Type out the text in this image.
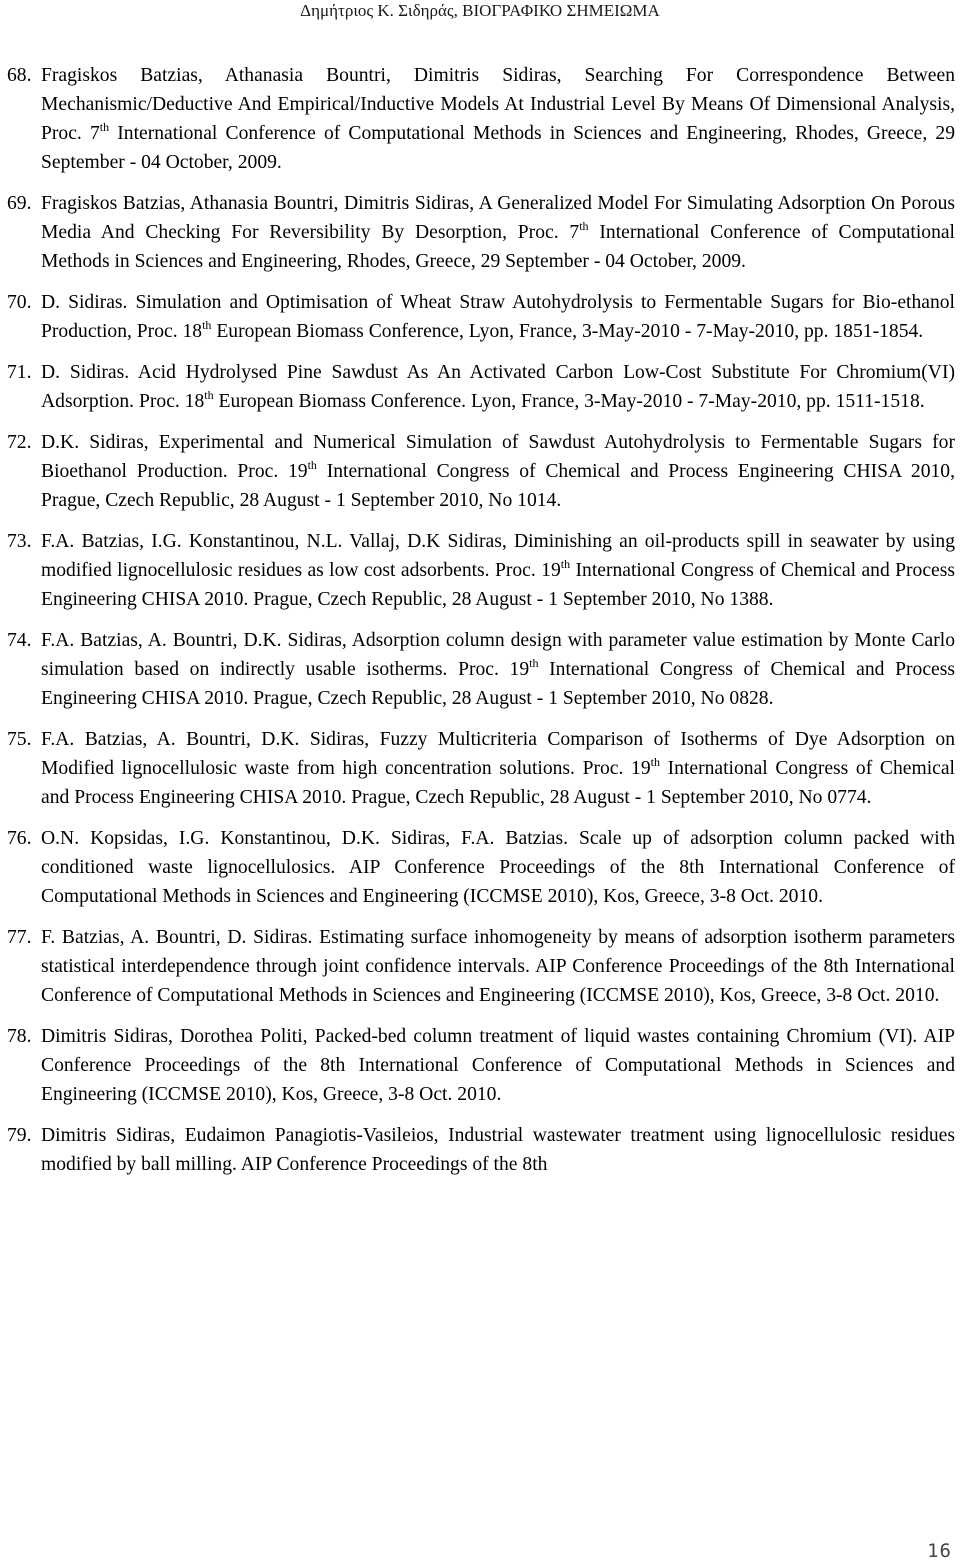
Δημήτριος Κ. Σιδηράς, ΒΙΟΓΡΑΦΙΚΟ ΣΗΜΕΙΩΜΑ
68. Fragiskos Batzias, Athanasia Bountri, Dimitris Sidiras, Searching For Correspondence Between Mechanismic/Deductive And Empirical/Inductive Models At Industrial Level By Means Of Dimensional Analysis, Proc. 7th International Conference of Computational Methods in Sciences and Engineering, Rhodes, Greece, 29 September - 04 October, 2009.
69. Fragiskos Batzias, Athanasia Bountri, Dimitris Sidiras, A Generalized Model For Simulating Adsorption On Porous Media And Checking For Reversibility By Desorption, Proc. 7th International Conference of Computational Methods in Sciences and Engineering, Rhodes, Greece, 29 September - 04 October, 2009.
70. D. Sidiras. Simulation and Optimisation of Wheat Straw Autohydrolysis to Fermentable Sugars for Bio-ethanol Production, Proc. 18th European Biomass Conference, Lyon, France, 3-May-2010 - 7-May-2010, pp. 1851-1854.
71. D. Sidiras. Acid Hydrolysed Pine Sawdust As An Activated Carbon Low-Cost Substitute For Chromium(VI) Adsorption. Proc. 18th European Biomass Conference. Lyon, France, 3-May-2010 - 7-May-2010, pp. 1511-1518.
72. D.K. Sidiras, Experimental and Numerical Simulation of Sawdust Autohydrolysis to Fermentable Sugars for Bioethanol Production. Proc. 19th International Congress of Chemical and Process Engineering CHISA 2010, Prague, Czech Republic, 28 August - 1 September 2010, No 1014.
73. F.A. Batzias, I.G. Konstantinou, N.L. Vallaj, D.K Sidiras, Diminishing an oil-products spill in seawater by using modified lignocellulosic residues as low cost adsorbents. Proc. 19th International Congress of Chemical and Process Engineering CHISA 2010. Prague, Czech Republic, 28 August - 1 September 2010, No 1388.
74. F.A. Batzias, A. Bountri, D.K. Sidiras, Adsorption column design with parameter value estimation by Monte Carlo simulation based on indirectly usable isotherms. Proc. 19th International Congress of Chemical and Process Engineering CHISA 2010. Prague, Czech Republic, 28 August - 1 September 2010, No 0828.
75. F.A. Batzias, A. Bountri, D.K. Sidiras, Fuzzy Multicriteria Comparison of Isotherms of Dye Adsorption on Modified lignocellulosic waste from high concentration solutions. Proc. 19th International Congress of Chemical and Process Engineering CHISA 2010. Prague, Czech Republic, 28 August - 1 September 2010, No 0774.
76. O.N. Kopsidas, I.G. Konstantinou, D.K. Sidiras, F.A. Batzias. Scale up of adsorption column packed with conditioned waste lignocellulosics. AIP Conference Proceedings of the 8th International Conference of Computational Methods in Sciences and Engineering (ICCMSE 2010), Kos, Greece, 3-8 Oct. 2010.
77. F. Batzias, A. Bountri, D. Sidiras. Estimating surface inhomogeneity by means of adsorption isotherm parameters statistical interdependence through joint confidence intervals. AIP Conference Proceedings of the 8th International Conference of Computational Methods in Sciences and Engineering (ICCMSE 2010), Kos, Greece, 3-8 Oct. 2010.
78. Dimitris Sidiras, Dorothea Politi, Packed-bed column treatment of liquid wastes containing Chromium (VI). AIP Conference Proceedings of the 8th International Conference of Computational Methods in Sciences and Engineering (ICCMSE 2010), Kos, Greece, 3-8 Oct. 2010.
79. Dimitris Sidiras, Eudaimon Panagiotis-Vasileios, Industrial wastewater treatment using lignocellulosic residues modified by ball milling. AIP Conference Proceedings of the 8th
16
